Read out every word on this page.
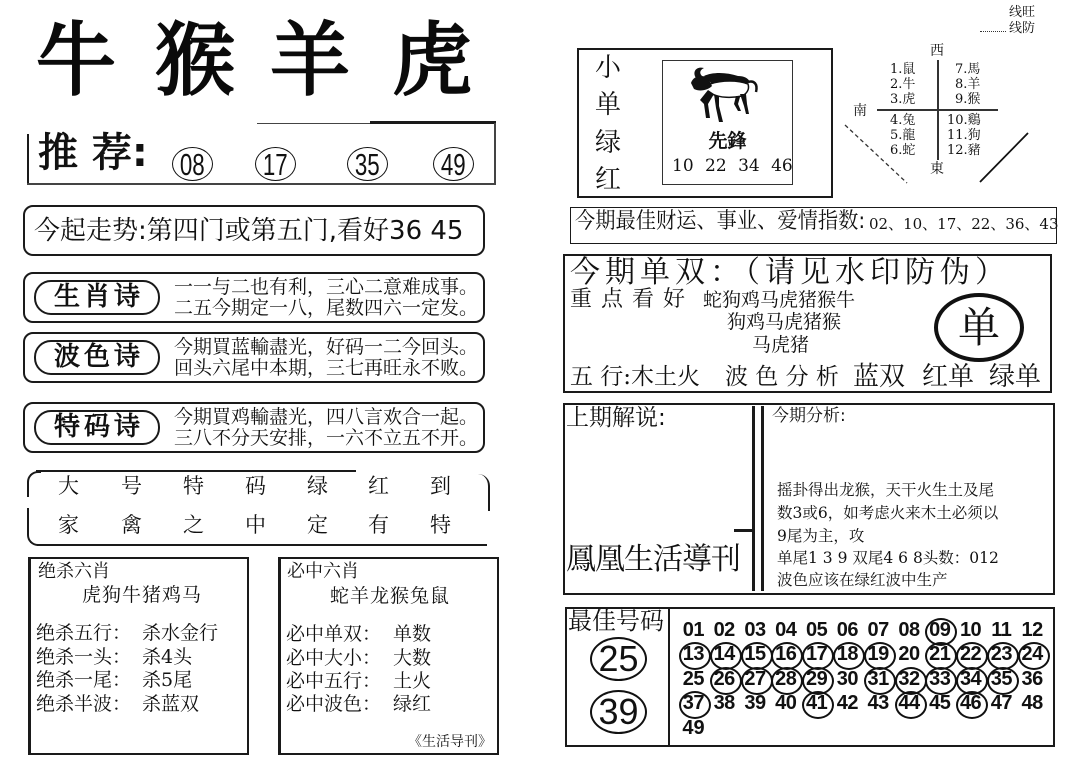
牛 猴 羊 虎
推 荐: 08 17 35 49
今起走势:第四门或第五门,看好36 45
生肖诗	一一与二也有利，三心二意难成事。
二五今期定一八，尾数四六一定发。
波色诗	今期買蓝輸盡光，好码一二今回头。
回头六尾中本期，三七再旺永不败。
特码诗	今期買鸡輸盡光，四八言欢合一起。
三八不分天安排，一六不立五不开。
大 号 特 码 绿 红 到
家 禽 之 中 定 有 特
绝杀六肖
虎狗牛猪鸡马
绝杀五行： 杀水金行
绝杀一头： 杀4头
绝杀一尾： 杀5尾
绝杀半波： 杀蓝双
必中六肖
蛇羊龙猴兔鼠
必中单双： 单数
必中大小： 大数
必中五行： 土火
必中波色： 绿红
《生活导刊》
小
单
绿
红
先鋒
10 22 34 46
线旺
线防
西
南
東
1.鼠
2.牛
3.虎
4.兔
5.龍
6.蛇
7.馬
8.羊
9.猴
10.鷄
11.狗
12.豬
今期最佳财运、事业、爱情指数: 02、10、17、22、36、43
今期单双：（请见水印防伪）
重点看好 蛇狗鸡马虎猪猴牛
狗鸡马虎猪猴
马虎猪	单
五 行:木土火 波 色 分 析 蓝双 红单 绿单
上期解说:
鳳凰生活導刊
今期分析:
摇卦得出龙猴，天干火生土及尾
数3或6，如考虑火来木土必须以
9尾为主，攻
单尾1 3 9 双尾4 6 8头数：012
波色应该在绿红波中生产
最佳号码
25
39
01 02 03 04 05 06 07 08 09 10 11 12
13 14 15 16 17 18 19 20 21 22 23 24
25 26 27 28 29 30 31 32 33 34 35 36
37 38 39 40 41 42 43 44 45 46 47 48
49
